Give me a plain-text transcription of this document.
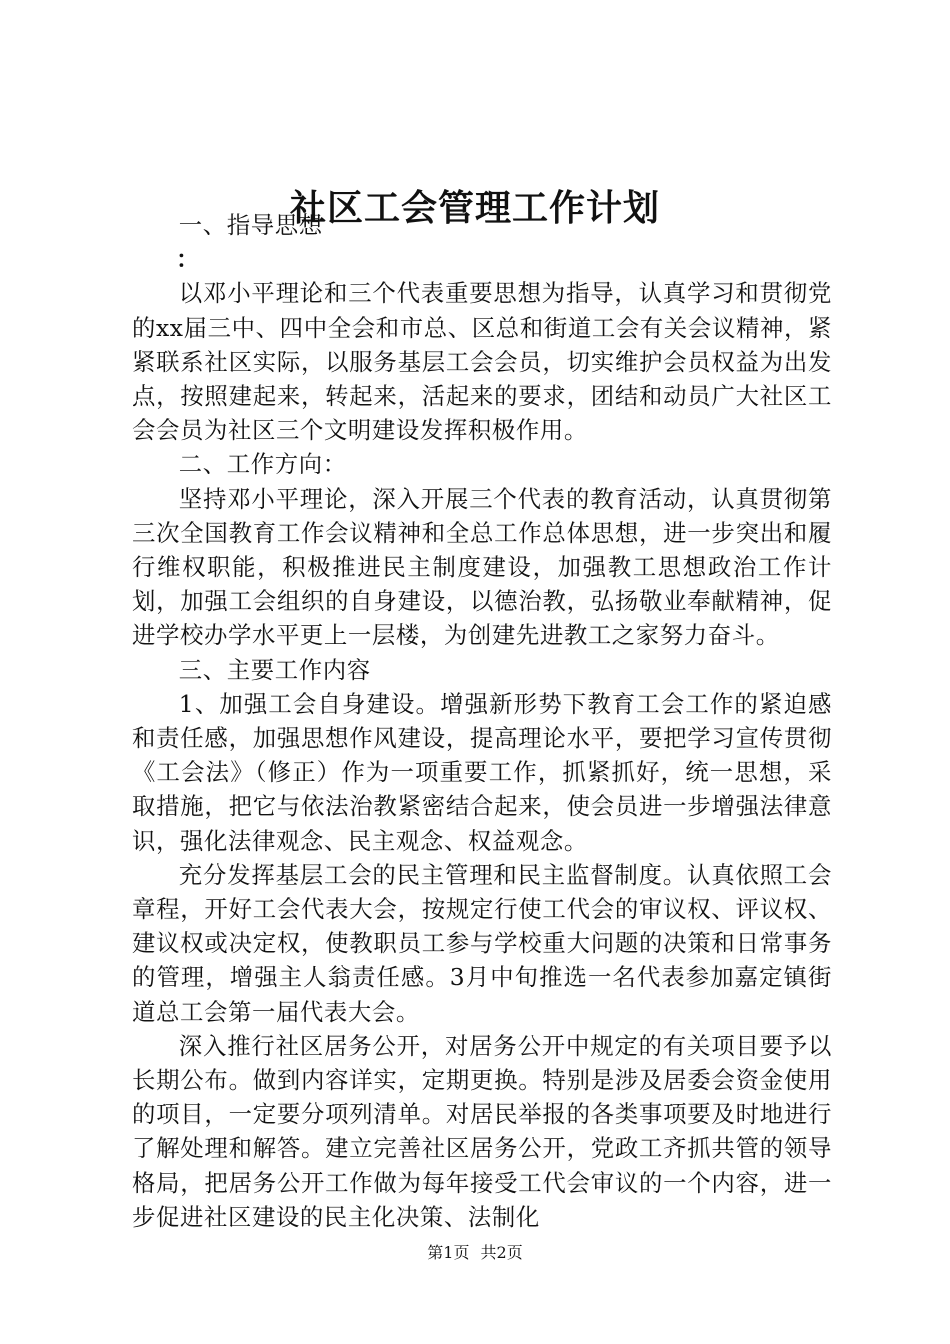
社区工会管理工作计划

一、指导思想

：

以邓小平理论和三个代表重要思想为指导，认真学习和贯彻党的xx届三中、四中全会和市总、区总和街道工会有关会议精神，紧紧联系社区实际，以服务基层工会会员，切实维护会员权益为出发点，按照建起来，转起来，活起来的要求，团结和动员广大社区工会会员为社区三个文明建设发挥积极作用。

二、工作方向：

坚持邓小平理论，深入开展三个代表的教育活动，认真贯彻第三次全国教育工作会议精神和全总工作总体思想，进一步突出和履行维权职能，积极推进民主制度建设，加强教工思想政治工作计划，加强工会组织的自身建设，以德治教，弘扬敬业奉献精神，促进学校办学水平更上一层楼，为创建先进教工之家努力奋斗。

三、主要工作内容

1、加强工会自身建设。增强新形势下教育工会工作的紧迫感和责任感，加强思想作风建设，提高理论水平，要把学习宣传贯彻《工会法》（修正）作为一项重要工作，抓紧抓好，统一思想，采取措施，把它与依法治教紧密结合起来，使会员进一步增强法律意识，强化法律观念、民主观念、权益观念。

充分发挥基层工会的民主管理和民主监督制度。认真依照工会章程，开好工会代表大会，按规定行使工代会的审议权、评议权、建议权或决定权，使教职员工参与学校重大问题的决策和日常事务的管理，增强主人翁责任感。3月中旬推选一名代表参加嘉定镇街道总工会第一届代表大会。

深入推行社区居务公开，对居务公开中规定的有关项目要予以长期公布。做到内容详实，定期更换。特别是涉及居委会资金使用的项目，一定要分项列清单。对居民举报的各类事项要及时地进行了解处理和解答。建立完善社区居务公开，党政工齐抓共管的领导格局，把居务公开工作做为每年接受工代会审议的一个内容，进一步促进社区建设的民主化决策、法制化

第1页 共2页
